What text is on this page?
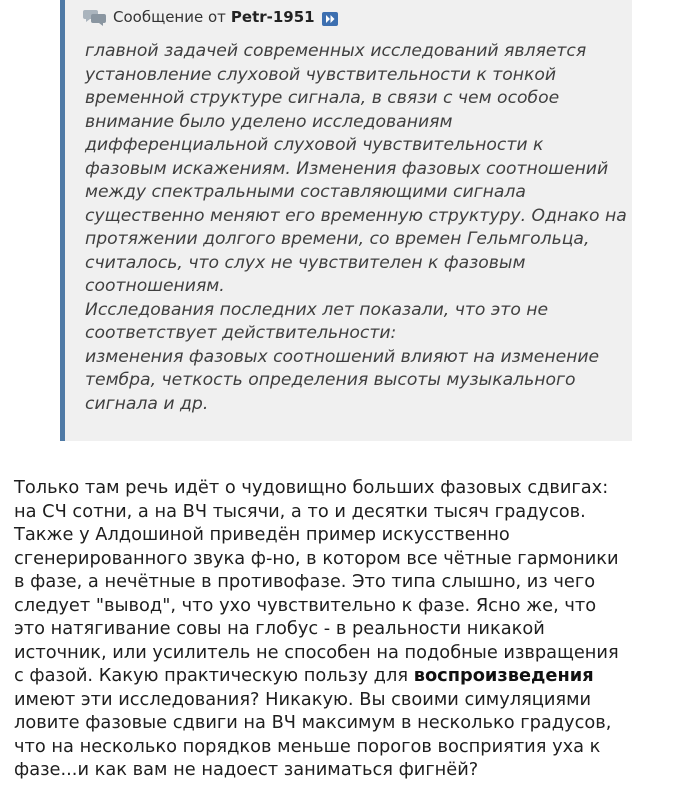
Сообщение от Petr-1951
главной задачей современных исследований является
установление слуховой чувствительности к тонкой
временной структуре сигнала, в связи с чем особое
внимание было уделено исследованиям
дифференциальной слуховой чувствительности к
фазовым искажениям. Изменения фазовых соотношений
между спектральными составляющими сигнала
существенно меняют его временную структуру. Однако на
протяжении долгого времени, со времен Гельмгольца,
считалось, что слух не чувствителен к фазовым
соотношениям.
Исследования последних лет показали, что это не
соответствует действительности:
изменения фазовых соотношений влияют на изменение
тембра, четкость определения высоты музыкального
сигнала и др.
Только там речь идёт о чудовищно больших фазовых сдвигах:
на СЧ сотни, а на ВЧ тысячи, а то и десятки тысяч градусов.
Также у Алдошиной приведён пример искусственно
сгенерированного звука ф-но, в котором все чётные гармоники
в фазе, а нечётные в противофазе. Это типа слышно, из чего
следует "вывод", что ухо чувствительно к фазе. Ясно же, что
это натягивание совы на глобус - в реальности никакой
источник, или усилитель не способен на подобные извращения
с фазой. Какую практическую пользу для воспроизведения
имеют эти исследования? Никакую. Вы своими симуляциями
ловите фазовые сдвиги на ВЧ максимум в несколько градусов,
что на несколько порядков меньше порогов восприятия уха к
фазе...и как вам не надоест заниматься фигнёй?
